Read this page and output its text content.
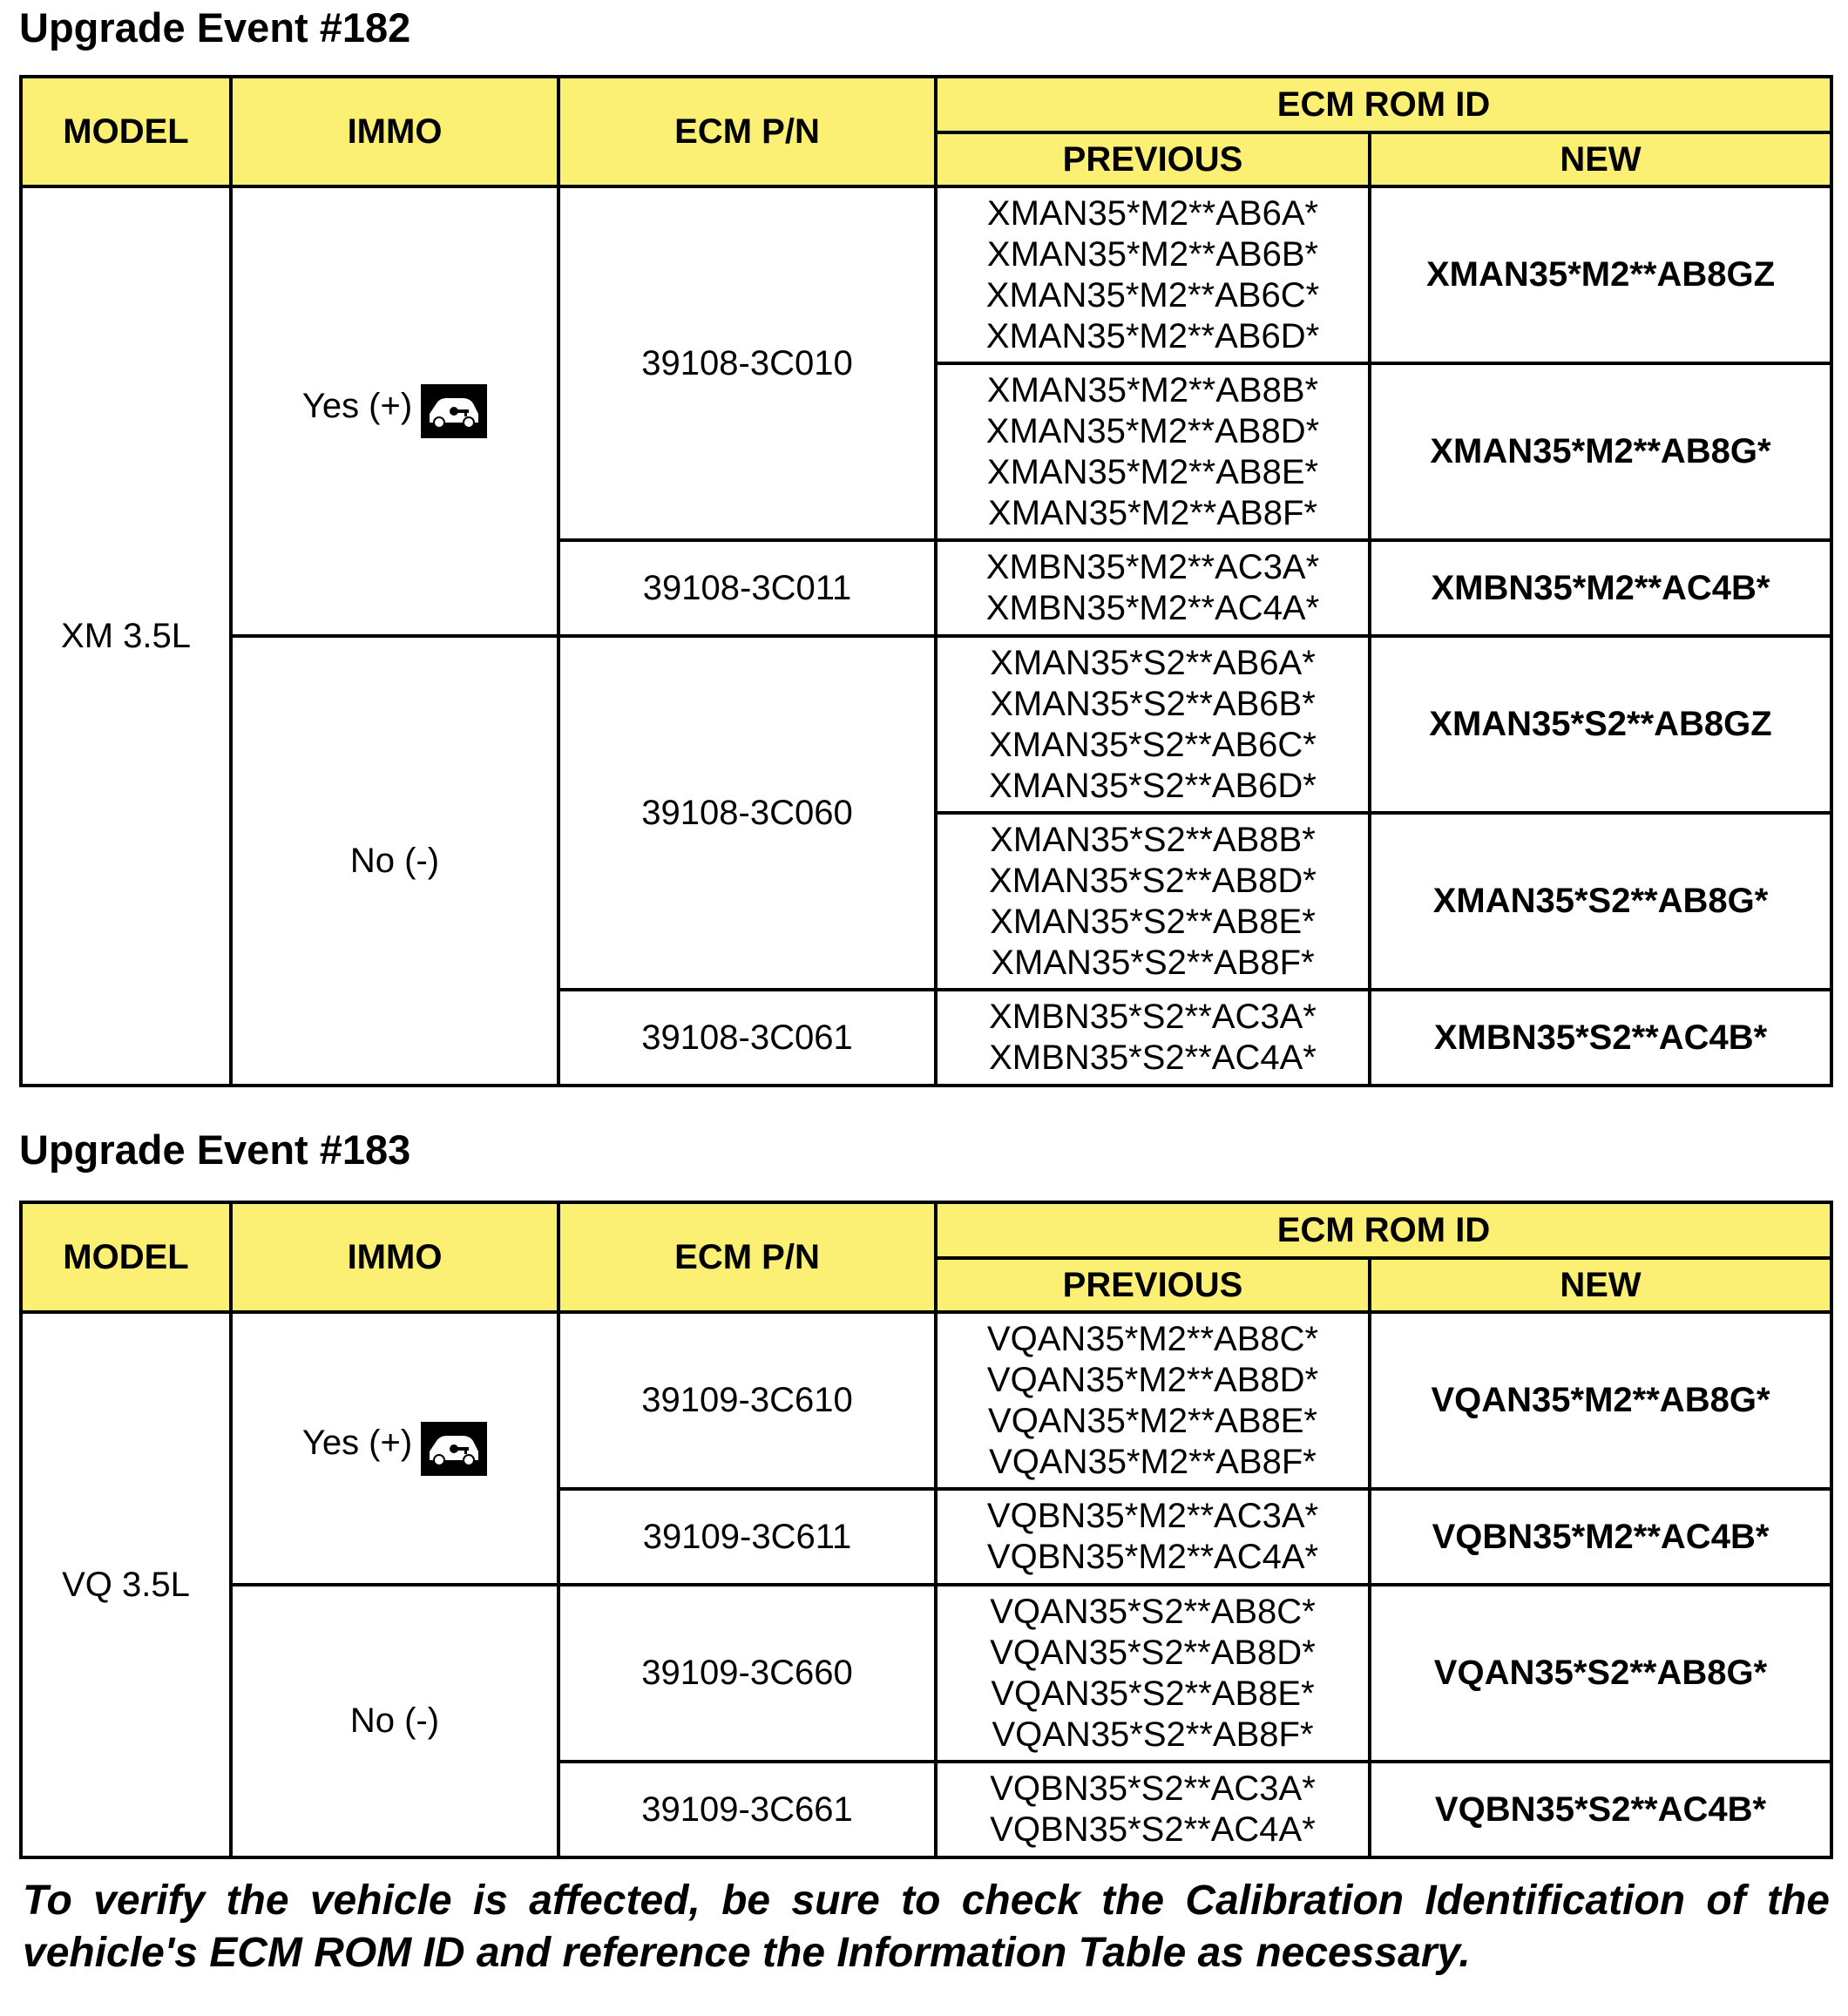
Upgrade Event #182
MODEL	IMMO	ECM P/N	ECM ROM ID	
			PREVIOUS	NEW
XM 3.5L	Yes (+)	39108-3C010	XMAN35*M2**AB6A*
XMAN35*M2**AB6B*
XMAN35*M2**AB6C*
XMAN35*M2**AB6D*	XMAN35*M2**AB8GZ

			XMAN35*M2**AB8B*
XMAN35*M2**AB8D*
XMAN35*M2**AB8E*
XMAN35*M2**AB8F*	XMAN35*M2**AB8G*
		39108-3C011	XMBN35*M2**AC3A*
XMBN35*M2**AC4A*	XMBN35*M2**AC4B*

	No (-)	39108-3C060	XMAN35*S2**AB6A*
XMAN35*S2**AB6B*
XMAN35*S2**AB6C*
XMAN35*S2**AB6D*	XMAN35*S2**AB8GZ

			XMAN35*S2**AB8B*
XMAN35*S2**AB8D*
XMAN35*S2**AB8E*
XMAN35*S2**AB8F*	XMAN35*S2**AB8G*
		39108-3C061	XMBN35*S2**AC3A*
XMBN35*S2**AC4A*	XMBN35*S2**AC4B*
Upgrade Event #183
MODEL	IMMO	ECM P/N	ECM ROM ID	
			PREVIOUS	NEW
VQ 3.5L	Yes (+)	39109-3C610	VQAN35*M2**AB8C*
VQAN35*M2**AB8D*
VQAN35*M2**AB8E*
VQAN35*M2**AB8F*	VQAN35*M2**AB8G*
		39109-3C611	VQBN35*M2**AC3A*
VQBN35*M2**AC4A*	VQBN35*M2**AC4B*

	No (-)	39109-3C660	VQAN35*S2**AB8C*
VQAN35*S2**AB8D*
VQAN35*S2**AB8E*
VQAN35*S2**AB8F*	VQAN35*S2**AB8G*
		39109-3C661	VQBN35*S2**AC3A*
VQBN35*S2**AC4A*	VQBN35*S2**AC4B*

To verify the vehicle is affected, be sure to check the Calibration Identification of the
vehicle's ECM ROM ID and reference the Information Table as necessary.
